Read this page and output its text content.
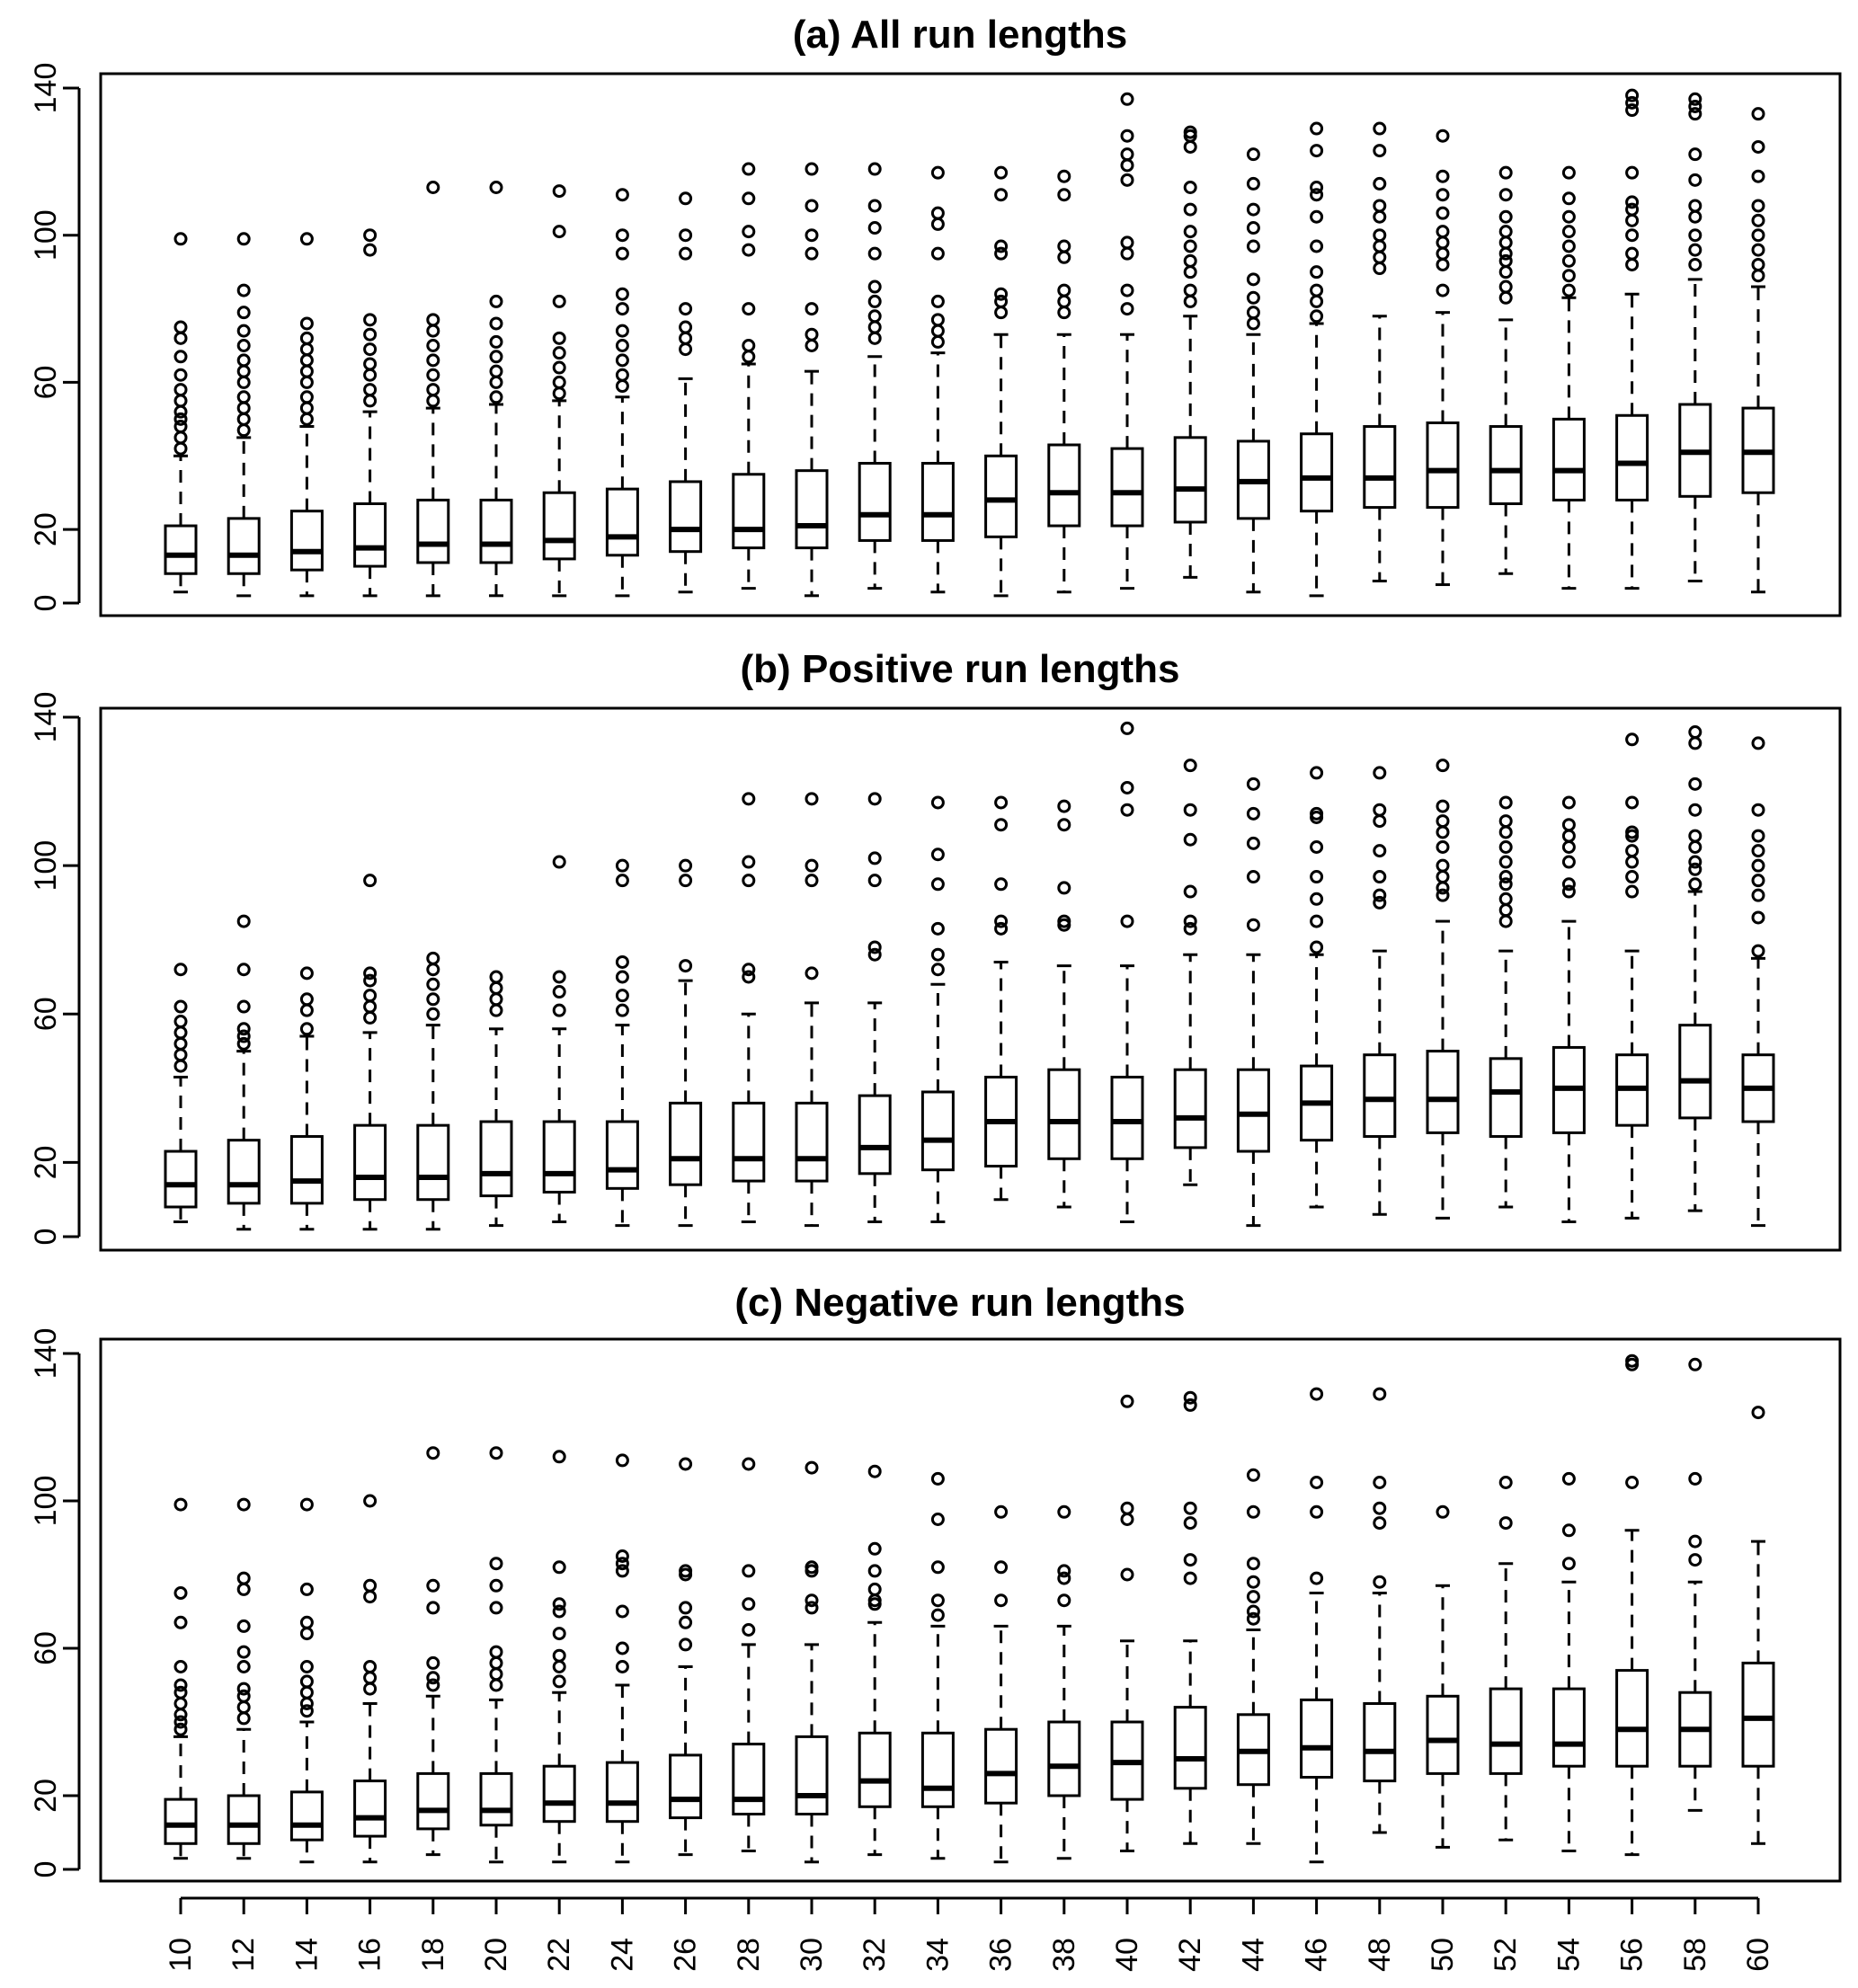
(a) All run lengths
0
20
60
100
140
(b) Positive run lengths
0
20
60
100
140
(c) Negative run lengths
0
20
60
100
140
10 12 14 16 18 20 22 24 26 28 30 32 34 36 38 40 42 44 46 48 50 52 54 56 58 60
